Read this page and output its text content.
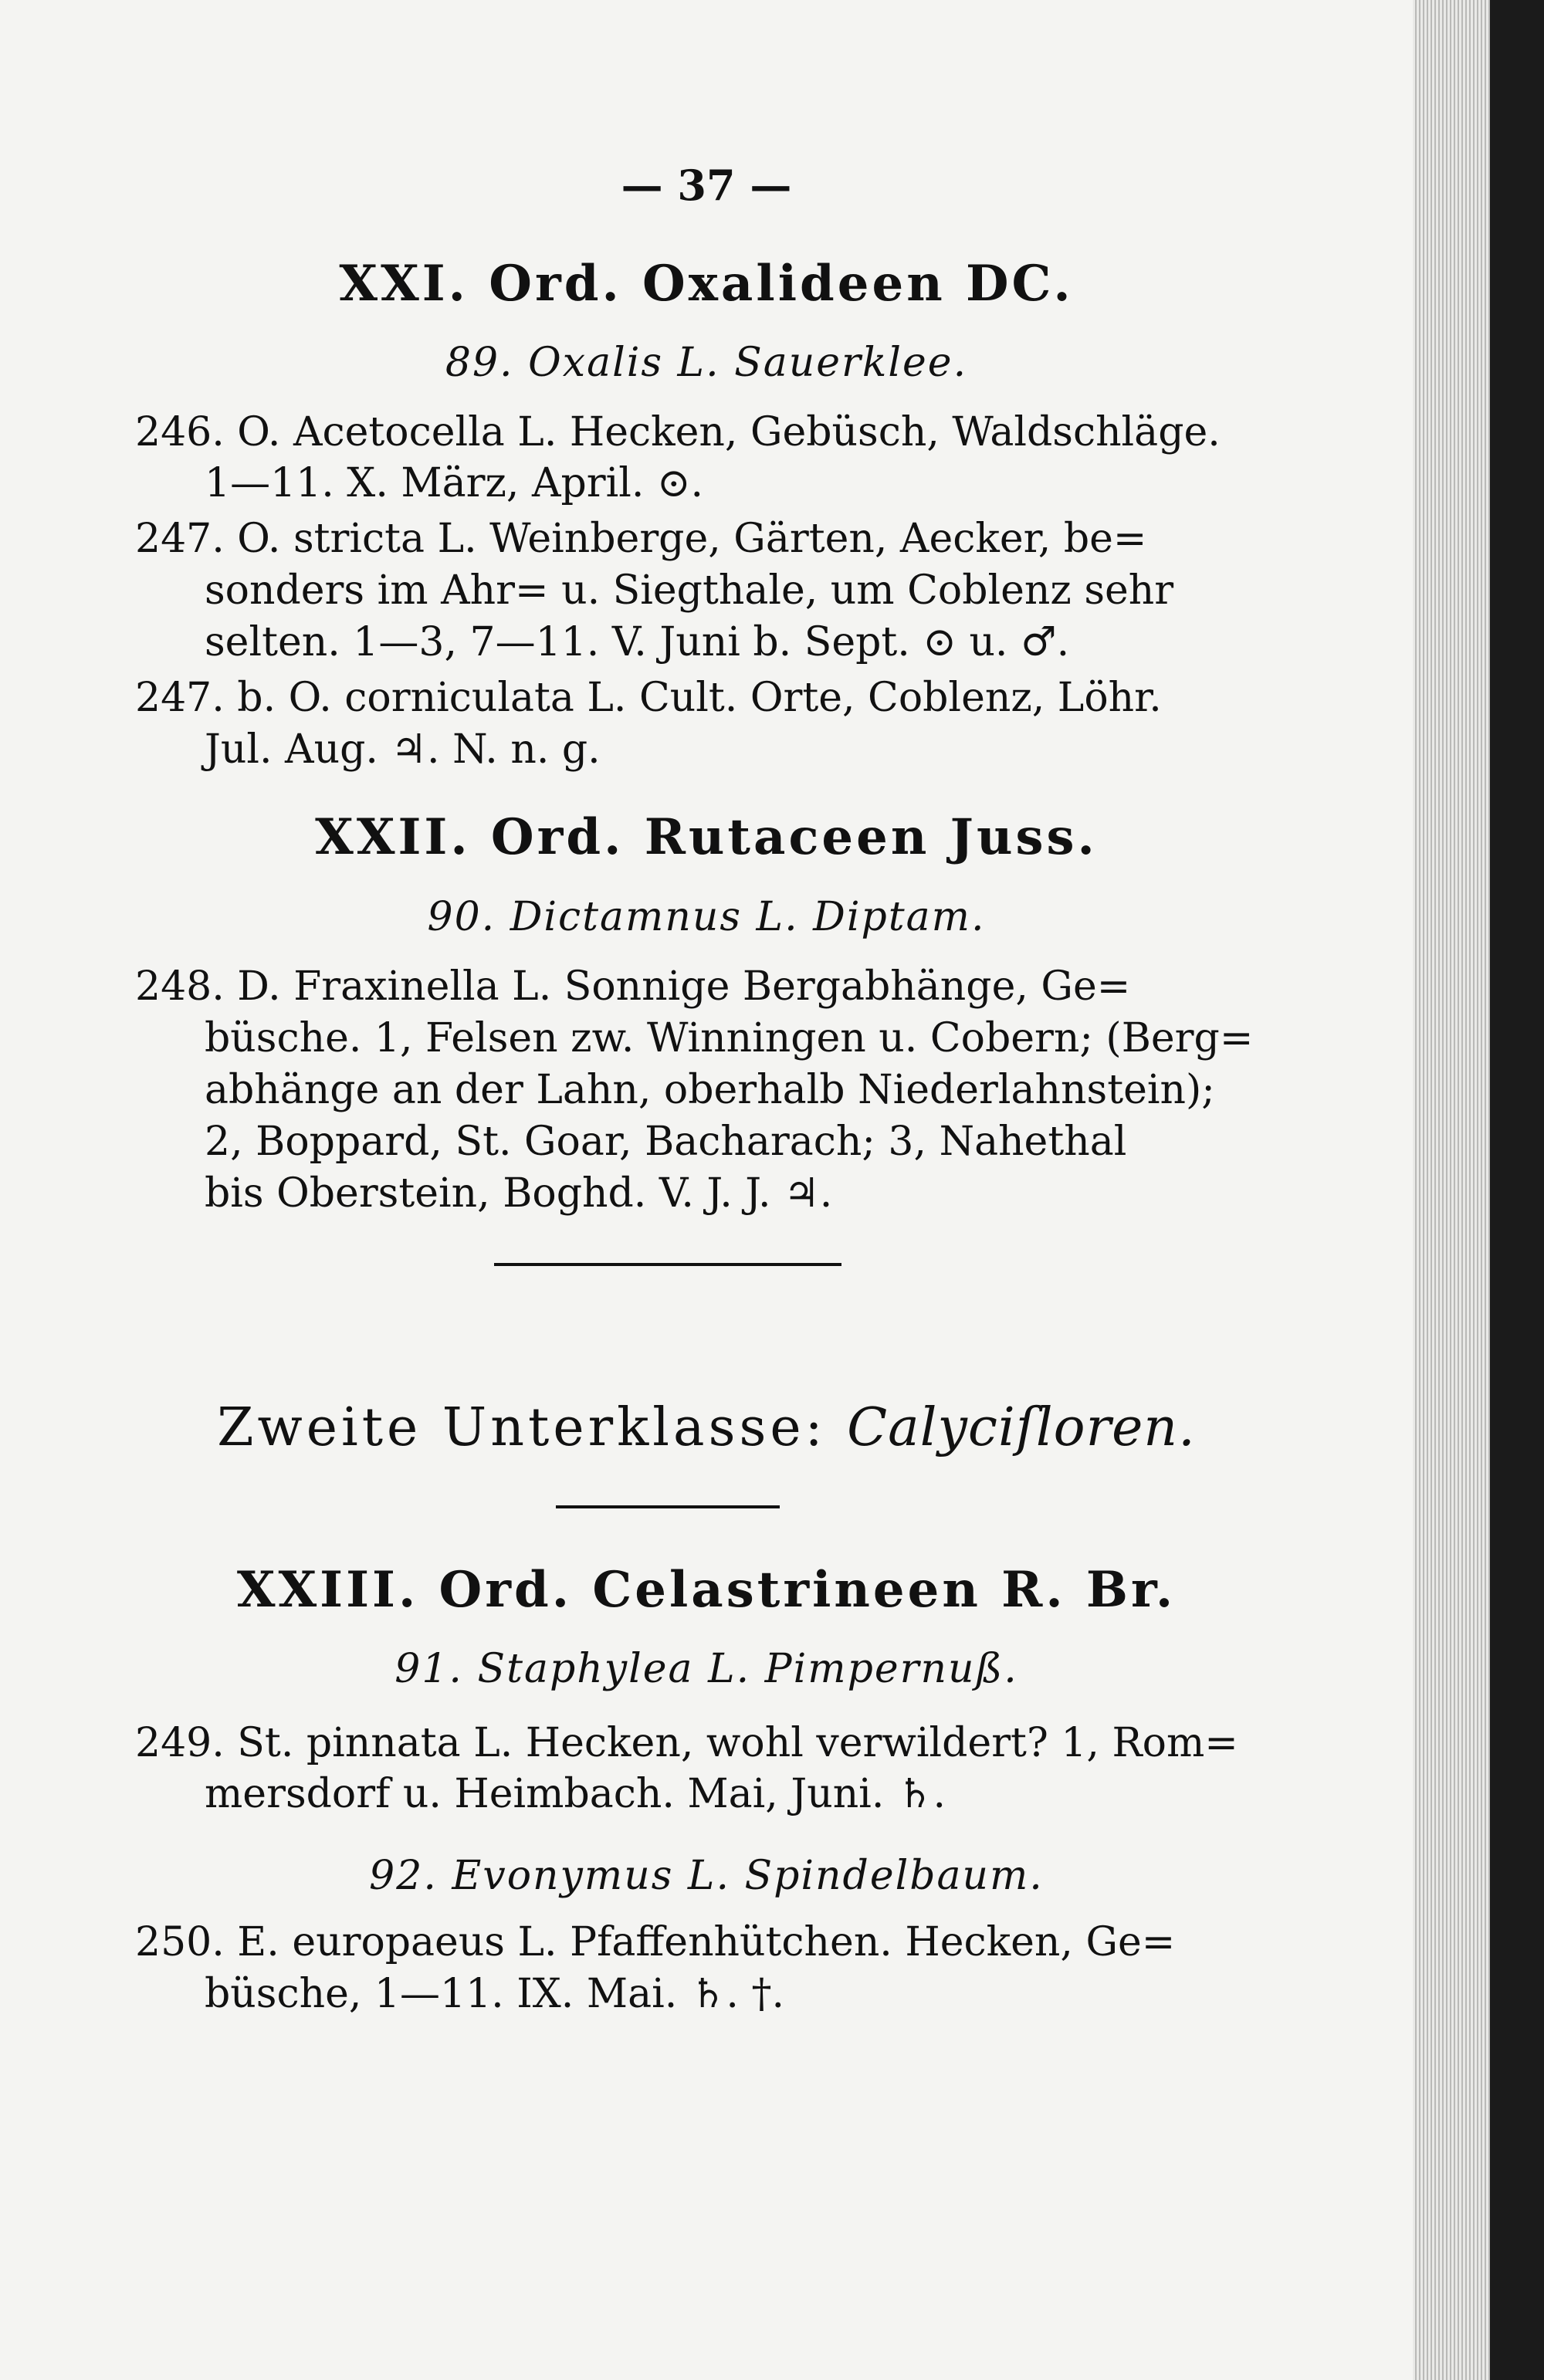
— 37 —
XXI. Ord. Oxalideen DC.
89. Oxalis L. Sauerklee.
246. O. Acetocella L. Hecken, Gebüsch, Waldschläge.
1—11. X. März, April. ⊙.
247. O. stricta L. Weinberge, Gärten, Aecker, be=
sonders im Ahr= u. Siegthale, um Coblenz sehr
selten. 1—3, 7—11. V. Juni b. Sept. ⊙ u. ♂.
247. b. O. corniculata L. Cult. Orte, Coblenz, Löhr.
Jul. Aug. ♃. N. n. g.
XXII. Ord. Rutaceen Juss.
90. Dictamnus L. Diptam.
248. D. Fraxinella L. Sonnige Bergabhänge, Ge=
büsche. 1, Felsen zw. Winningen u. Cobern; (Berg=
abhänge an der Lahn, oberhalb Niederlahnstein);
2, Boppard, St. Goar, Bacharach; 3, Nahethal
bis Oberstein, Boghd. V. J. J. ♃.
Zweite Unterklasse: Calyciſloren.
XXIII. Ord. Celastrineen R. Br.
91. Staphylea L. Pimpernuß.
249. St. pinnata L. Hecken, wohl verwildert? 1, Rom=
mersdorf u. Heimbach. Mai, Juni. ♄.
92. Evonymus L. Spindelbaum.
250. E. europaeus L. Pfaffenhütchen. Hecken, Ge=
büsche, 1—11. IX. Mai. ♄. †.
